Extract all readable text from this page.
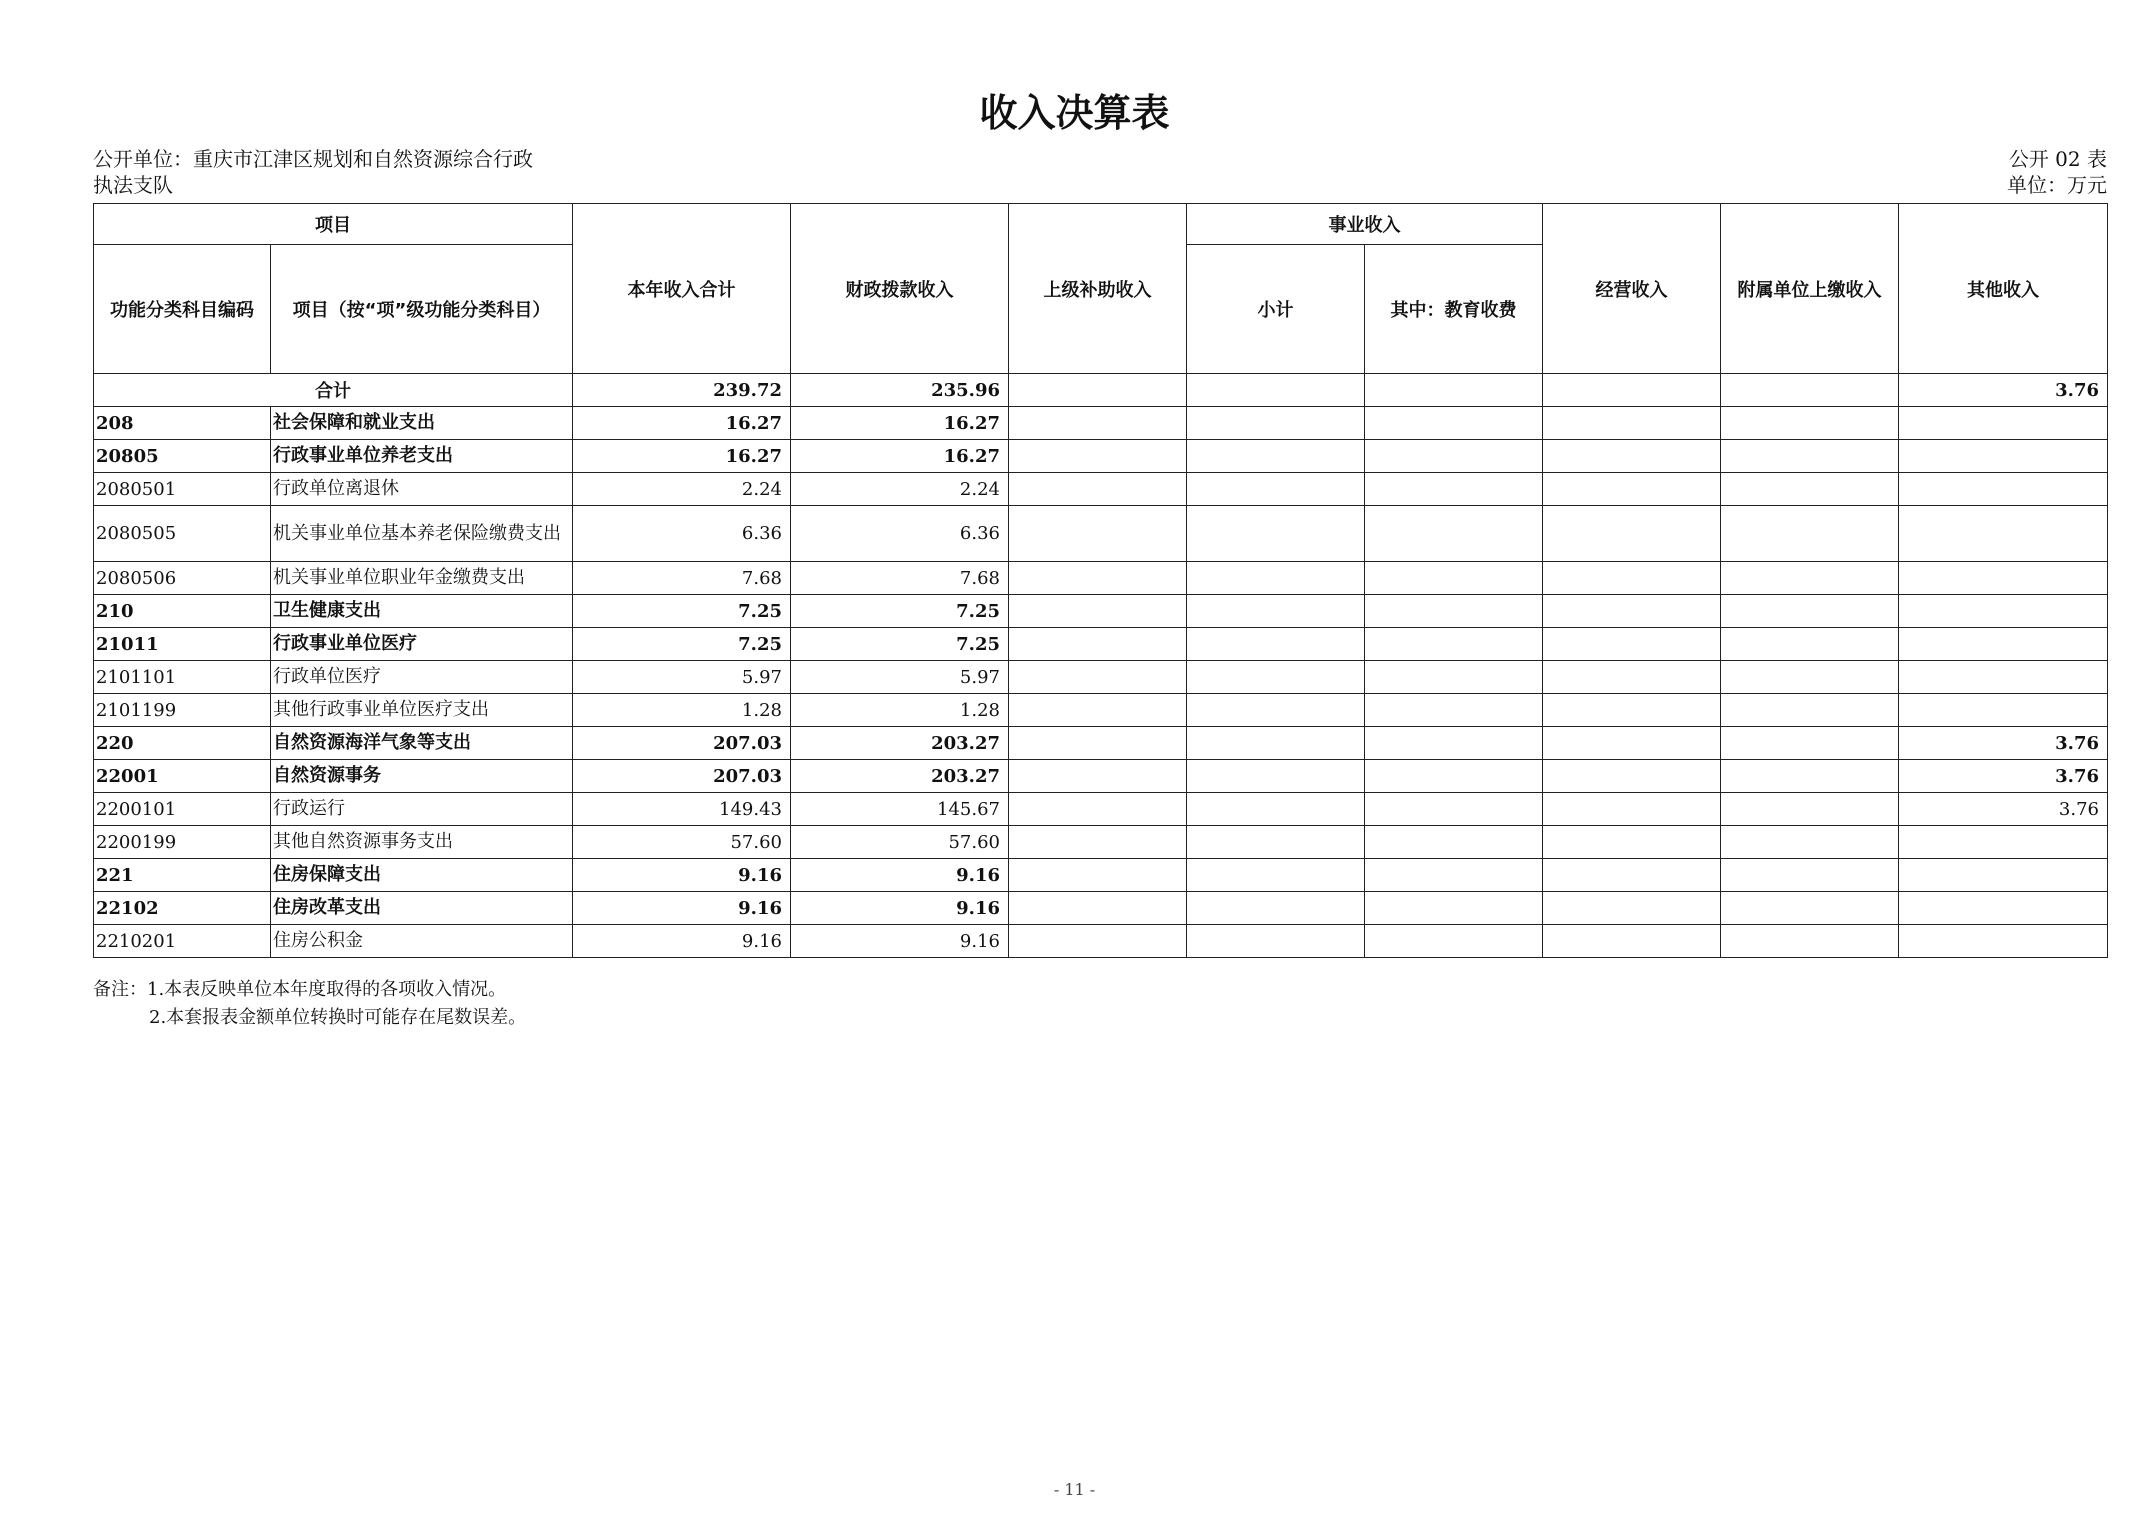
收入决算表
公开单位：重庆市江津区规划和自然资源综合行政
执法支队
公开 02 表
单位：万元
项目		本年收入合计	财政拨款收入	上级补助收入	事业收入		经营收入	附属单位上缴收入	其他收入
功能分类科目编码	项目（按“项”级功能分类科目）				小计	其中：教育收费			
合计		239.72	235.96						3.76
208	社会保障和就业支出	16.27	16.27						
20805	行政事业单位养老支出	16.27	16.27						
2080501	行政单位离退休	2.24	2.24						
2080505	机关事业单位基本养老保险缴费支出	6.36	6.36						
2080506	机关事业单位职业年金缴费支出	7.68	7.68						
210	卫生健康支出	7.25	7.25						
21011	行政事业单位医疗	7.25	7.25						
2101101	行政单位医疗	5.97	5.97						
2101199	其他行政事业单位医疗支出	1.28	1.28						
220	自然资源海洋气象等支出	207.03	203.27						3.76
22001	自然资源事务	207.03	203.27						3.76
2200101	行政运行	149.43	145.67						3.76
2200199	其他自然资源事务支出	57.60	57.60						
221	住房保障支出	9.16	9.16						
22102	住房改革支出	9.16	9.16						
2210201	住房公积金	9.16	9.16						
备注：1.本表反映单位本年度取得的各项收入情况。
2.本套报表金额单位转换时可能存在尾数误差。
- 11 -
